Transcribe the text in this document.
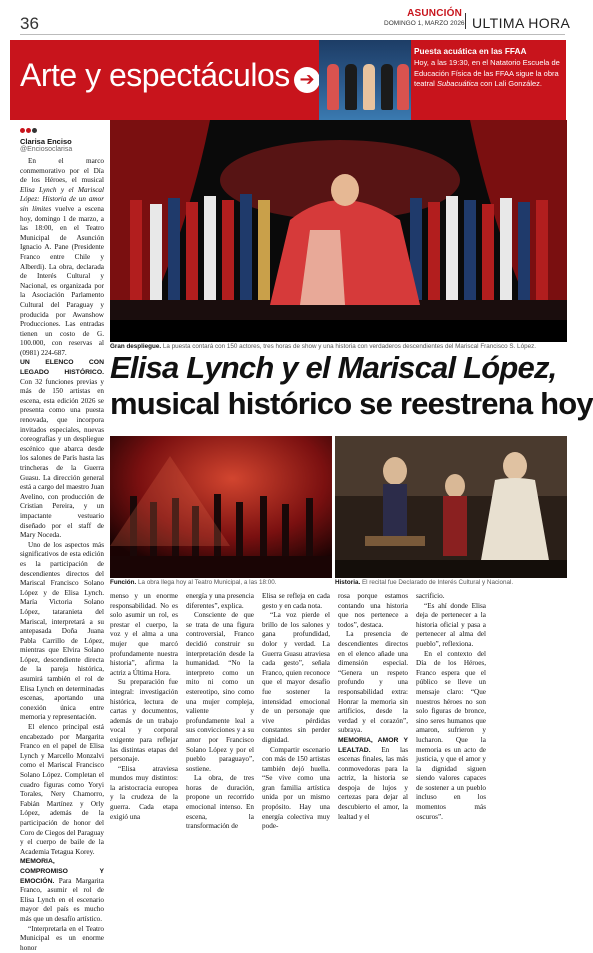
36
ASUNCIÓN
DOMINGO 1, MARZO 2026 ULTIMA HORA
Arte y espectáculos ➔
Puesta acuática en las FFAA
Hoy, a las 19:30, en el Natatorio Escuela de Educación Física de las FFAA sigue la obra teatral Subacuática con Lali González.
Clarisa Enciso
@Enciosoclarisa

En el marco conmemorativo por el Día de los Héroes, el musical Elisa Lynch y el Mariscal López: Historia de un amor sin límites vuelve a escena hoy, domingo 1 de marzo, a las 18:00, en el Teatro Municipal de Asunción Ignacio A. Pane (Presidente Franco entre Chile y Alberdi). La obra, declarada de Interés Cultural y Nacional, es organizada por la Asociación Parlamento Cultural del Paraguay y producida por Awanshow Producciones. Las entradas tienen un costo de G. 100.000, con reservas al (0981) 224-687.

UN ELENCO CON LEGADO HISTÓRICO. Con 32 funciones previas y más de 150 artistas en escena, esta edición 2026 se presenta como una puesta renovada, que incorpora invitados especiales, nuevas coreografías y un despliegue escénico que abarca desde los salones de París hasta las trincheras de la Guerra Guasu. La dirección general está a cargo del maestro Juan Avelino, con producción de Cristian Pereira, y un impactante vestuario diseñado por el staff de Mary Noceda.

Uno de los aspectos más significativos de esta edición es la participación de descendientes directos del Mariscal Francisco Solano López y de Elisa Lynch. María Victoria Solano López, tataranieta del Mariscal, interpretará a su antepasada Doña Juana Pabla Carrillo de López, mientras que Elvira Solano López, descendiente directa de la pareja histórica, asumirá también el rol de Elisa Lynch en determinadas escenas, aportando una conexión única entre memoria y representación.

El elenco principal está encabezado por Margarita Franco en el papel de Elisa Lynch y Marcello Monzalvi como el Mariscal Francisco Solano López. Completan el cuadro figuras como Yoryi Torales, Nery Chamorro, Fabián Martínez y Orly López, además de la participación de honor del Coro de Ciegos del Paraguay y el cuerpo de baile de la Academia Tetagua Korey.

MEMORIA, COMPROMISO Y EMOCIÓN. Para Margarita Franco, asumir el rol de Elisa Lynch en el escenario mayor del país es mucho más que un desafío artístico.

“Interpretarla en el Teatro Municipal es un enorme honor

Gran despliegue. La puesta contará con 150 actores, tres horas de show y una historia con verdaderos descendientes del Mariscal Francisco S. López.
Elisa Lynch y el Mariscal López,
musical histórico se reestrena hoy
Función. La obra llega hoy al Teatro Municipal, a las 18:00.	Historia. El recital fue Declarado de Interés Cultural y Nacional.

menso y un enorme responsabilidad. No es solo asumir un rol, es prestar el cuerpo, la voz y el alma a una mujer que marcó profundamente nuestra historia”, afirma la actriz a Última Hora.

Su preparación fue integral: investigación histórica, lectura de cartas y documentos, además de un trabajo vocal y corporal exigente para reflejar las distintas etapas del personaje.

“Elisa atraviesa mundos muy distintos: la aristocracia europea y la crudeza de la guerra. Cada etapa exigió una

energía y una presencia diferentes”, explica.

Consciente de que se trata de una figura controversial, Franco decidió construir su interpretación desde la humanidad. “No la interpreto como un mito ni como un estereotipo, sino como una mujer compleja, valiente y profundamente leal a sus convicciones y a su amor por Francisco Solano López y por el pueblo paraguayo”, sostiene.

La obra, de tres horas de duración, propone un recorrido emocional intenso. En escena, la transformación de

Elisa se refleja en cada gesto y en cada nota.

“La voz pierde el brillo de los salones y gana profundidad, dolor y verdad. La Guerra Guasu atraviesa cada gesto”, señala Franco, quien reconoce que el mayor desafío fue sostener la intensidad emocional de un personaje que vive pérdidas constantes sin perder dignidad.

Compartir escenario con más de 150 artistas también dejó huella. “Se vive como una gran familia artística unida por un mismo propósito. Hay una energía colectiva muy pode-

rosa porque estamos contando una historia que nos pertenece a todos”, destaca.

La presencia de descendientes directos en el elenco añade una dimensión especial. “Genera un respeto profundo y una responsabilidad extra: Honrar la memoria sin artificios, desde la verdad y el corazón”, subraya.

MEMORIA, AMOR Y LEALTAD. En las escenas finales, las más conmovedoras para la actriz, la historia se despoja de lujos y certezas para dejar al descubierto el amor, la lealtad y el

sacrificio.

“Es ahí donde Elisa deja de pertenecer a la historia oficial y pasa a pertenecer al alma del pueblo”, reflexiona.

En el contexto del Día de los Héroes, Franco espera que el público se lleve un mensaje claro: “Que nuestros héroes no son solo figuras de bronce, sino seres humanos que amaron, sufrieron y lucharon. Que la memoria es un acto de justicia, y que el amor y la dignidad siguen siendo valores capaces de sostener a un pueblo incluso en los momentos más oscuros”.
